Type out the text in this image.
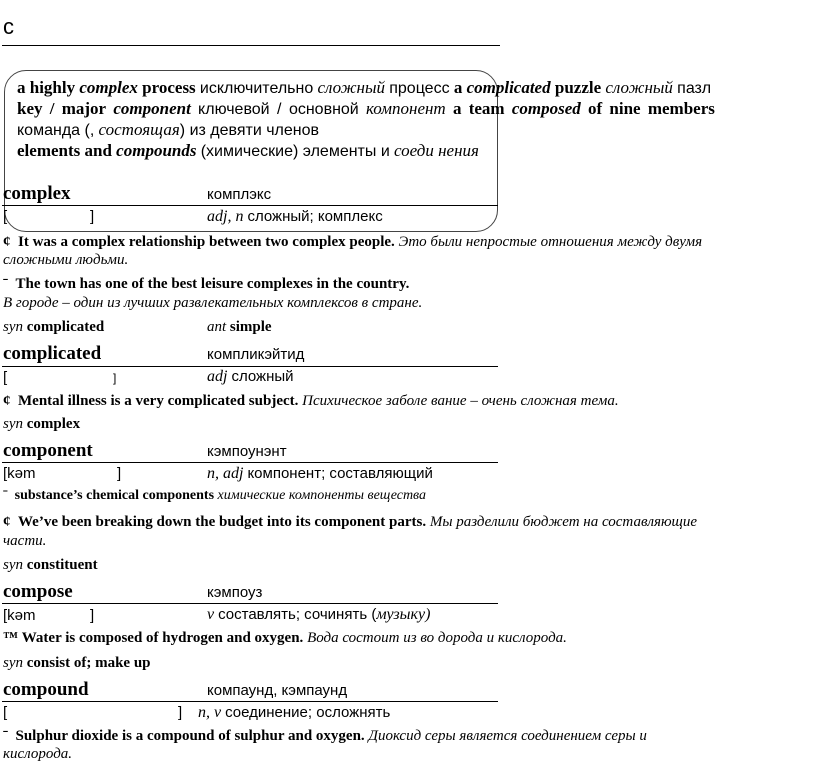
с
a highly complex process исключительно сложный процесс a complicated puzzle сложный пазл
key / major component ключевой / основной компонент a team composed of nine members
команда (, состоящая) из девяти членов
elements and compounds (химические) элементы и соеди нения
complex	комплэкс
[	]	adj, n сложный; комплекс
¢ It was a complex relationship between two complex people. Это были непростые отношения между двумя
сложными людьми.
ˉ The town has one of the best leisure complexes in the country.
В городе – один из лучших развлекательных комплексов в стране.
syn complicated	ant simple
complicated	компликэйтид
[	]	adj сложный
¢ Mental illness is a very complicated subject. Психическое заболе вание – очень сложная тема.
syn complex
component	кэмпоунэнт
[kəm	]	n, adj компонент; составляющий
ˉ substance’s chemical components химические компоненты вещества
¢ We’ve been breaking down the budget into its component parts. Мы разделили бюджет на составляющие
части.
syn constituent
compose	кэмпоуз
[kəm	]	v составлять; сочинять (музыку)
™ Water is composed of hydrogen and oxygen. Вода состоит из во дорода и кислорода.
syn consist of; make up
compound	компаунд, кэмпаунд
[	] n, v соединение; осложнять
ˉ Sulphur dioxide is a compound of sulphur and oxygen. Диоксид серы является соединением серы и
кислорода.
